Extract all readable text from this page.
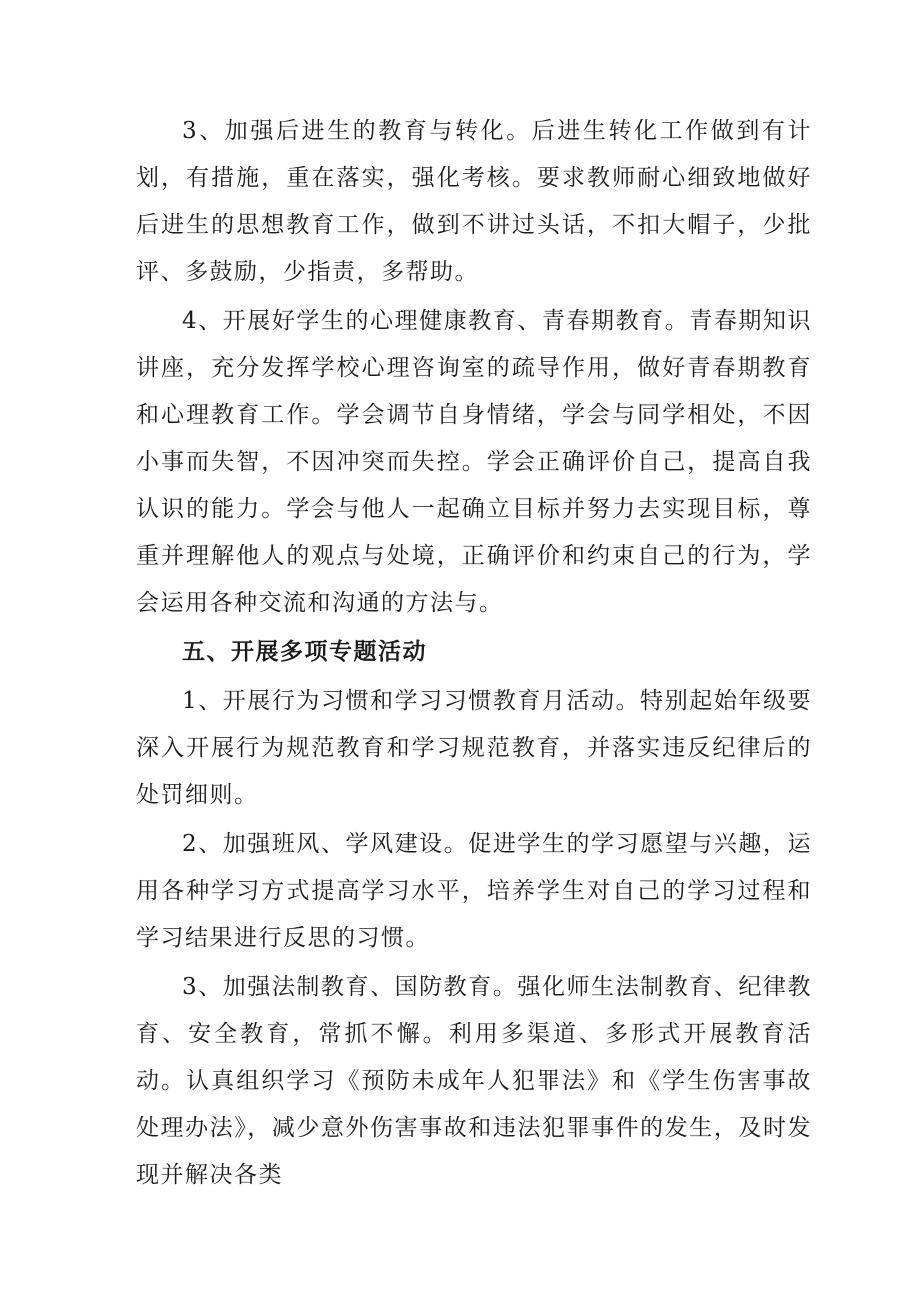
3、加强后进生的教育与转化。后进生转化工作做到有计划，有措施，重在落实，强化考核。要求教师耐心细致地做好后进生的思想教育工作，做到不讲过头话，不扣大帽子，少批评、多鼓励，少指责，多帮助。

4、开展好学生的心理健康教育、青春期教育。青春期知识讲座，充分发挥学校心理咨询室的疏导作用，做好青春期教育和心理教育工作。学会调节自身情绪，学会与同学相处，不因小事而失智，不因冲突而失控。学会正确评价自己，提高自我认识的能力。学会与他人一起确立目标并努力去实现目标，尊重并理解他人的观点与处境，正确评价和约束自己的行为，学会运用各种交流和沟通的方法与。

五、开展多项专题活动

1、开展行为习惯和学习习惯教育月活动。特别起始年级要深入开展行为规范教育和学习规范教育，并落实违反纪律后的处罚细则。

2、加强班风、学风建设。促进学生的学习愿望与兴趣，运用各种学习方式提高学习水平，培养学生对自己的学习过程和学习结果进行反思的习惯。

3、加强法制教育、国防教育。强化师生法制教育、纪律教育、安全教育，常抓不懈。利用多渠道、多形式开展教育活动。认真组织学习《预防未成年人犯罪法》和《学生伤害事故处理办法》，减少意外伤害事故和违法犯罪事件的发生，及时发现并解决各类
